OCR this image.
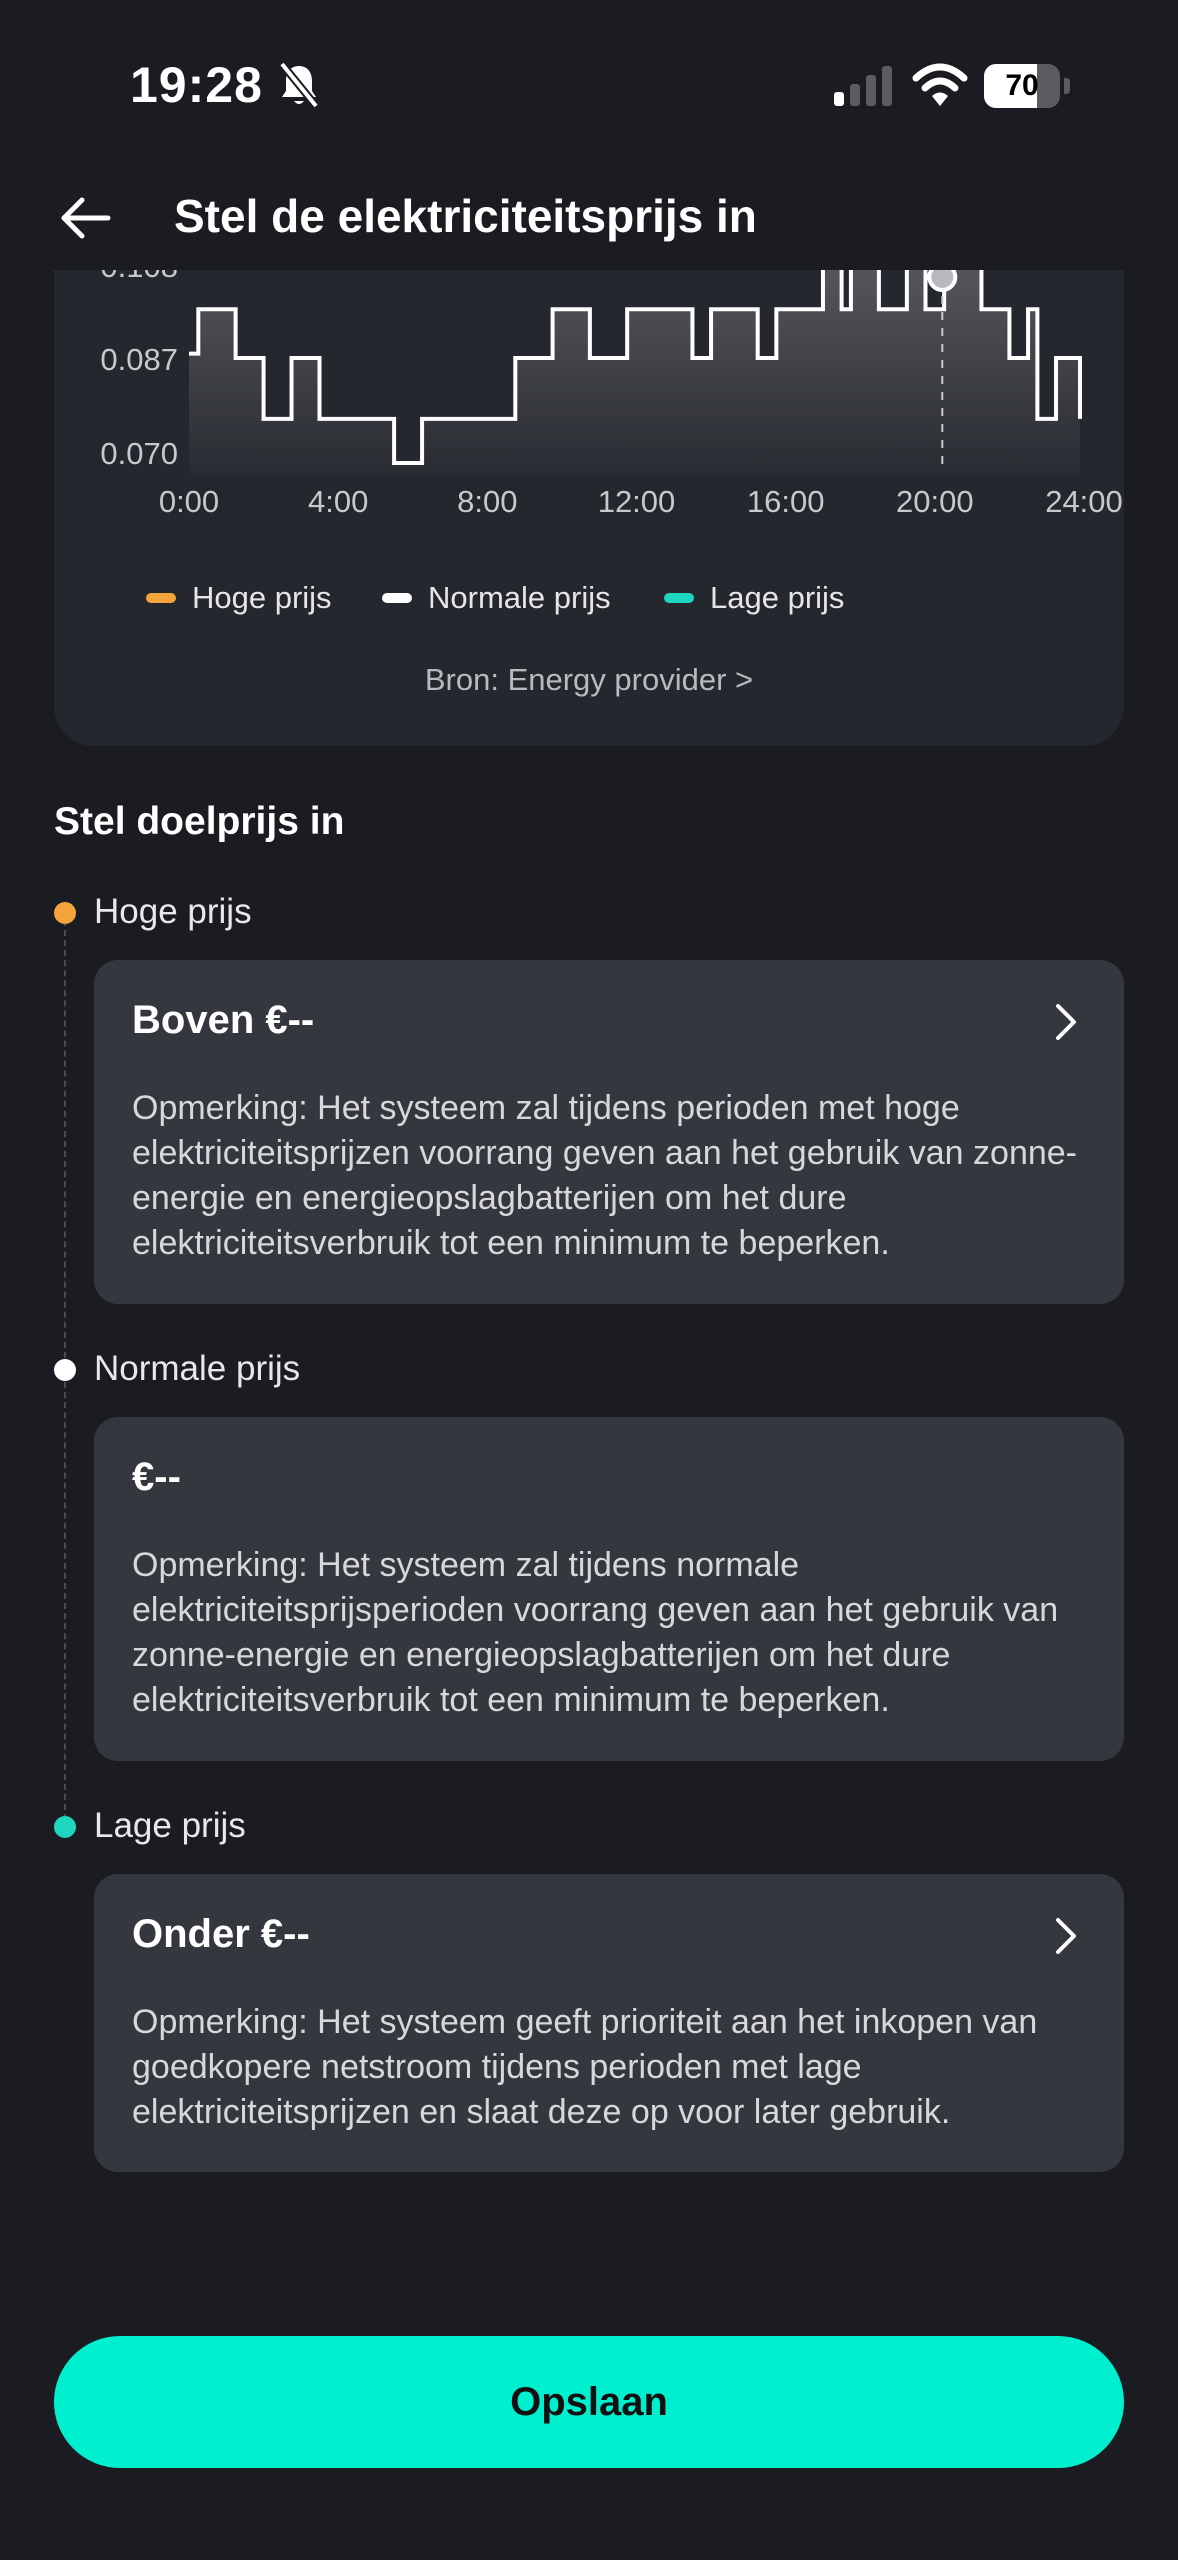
19:28	70
0.070
0.087
0:00	4:00	8:00	12:00 16:00 20:00 24:00
Hoge prijs	Normale prijs	Lage prijs
Bron: Energy provider >
Stel de elektriciteitsprijs in
Stel doelprijs in
Hoge prijs
Boven €--
Opmerking: Het systeem zal tijdens perioden met hoge elektriciteitsprijzen voorrang geven aan het gebruik van zonne-energie en energieopslagbatterijen om het dure elektriciteitsverbruik tot een minimum te beperken.
Normale prijs
€--
Opmerking: Het systeem zal tijdens normale elektriciteitsprijsperioden voorrang geven aan het gebruik van zonne-energie en energieopslagbatterijen om het dure elektriciteitsverbruik tot een minimum te beperken.
Lage prijs
Onder €--
Opmerking: Het systeem geeft prioriteit aan het inkopen van goedkopere netstroom tijdens perioden met lage elektriciteitsprijzen en slaat deze op voor later gebruik.
Opslaan
